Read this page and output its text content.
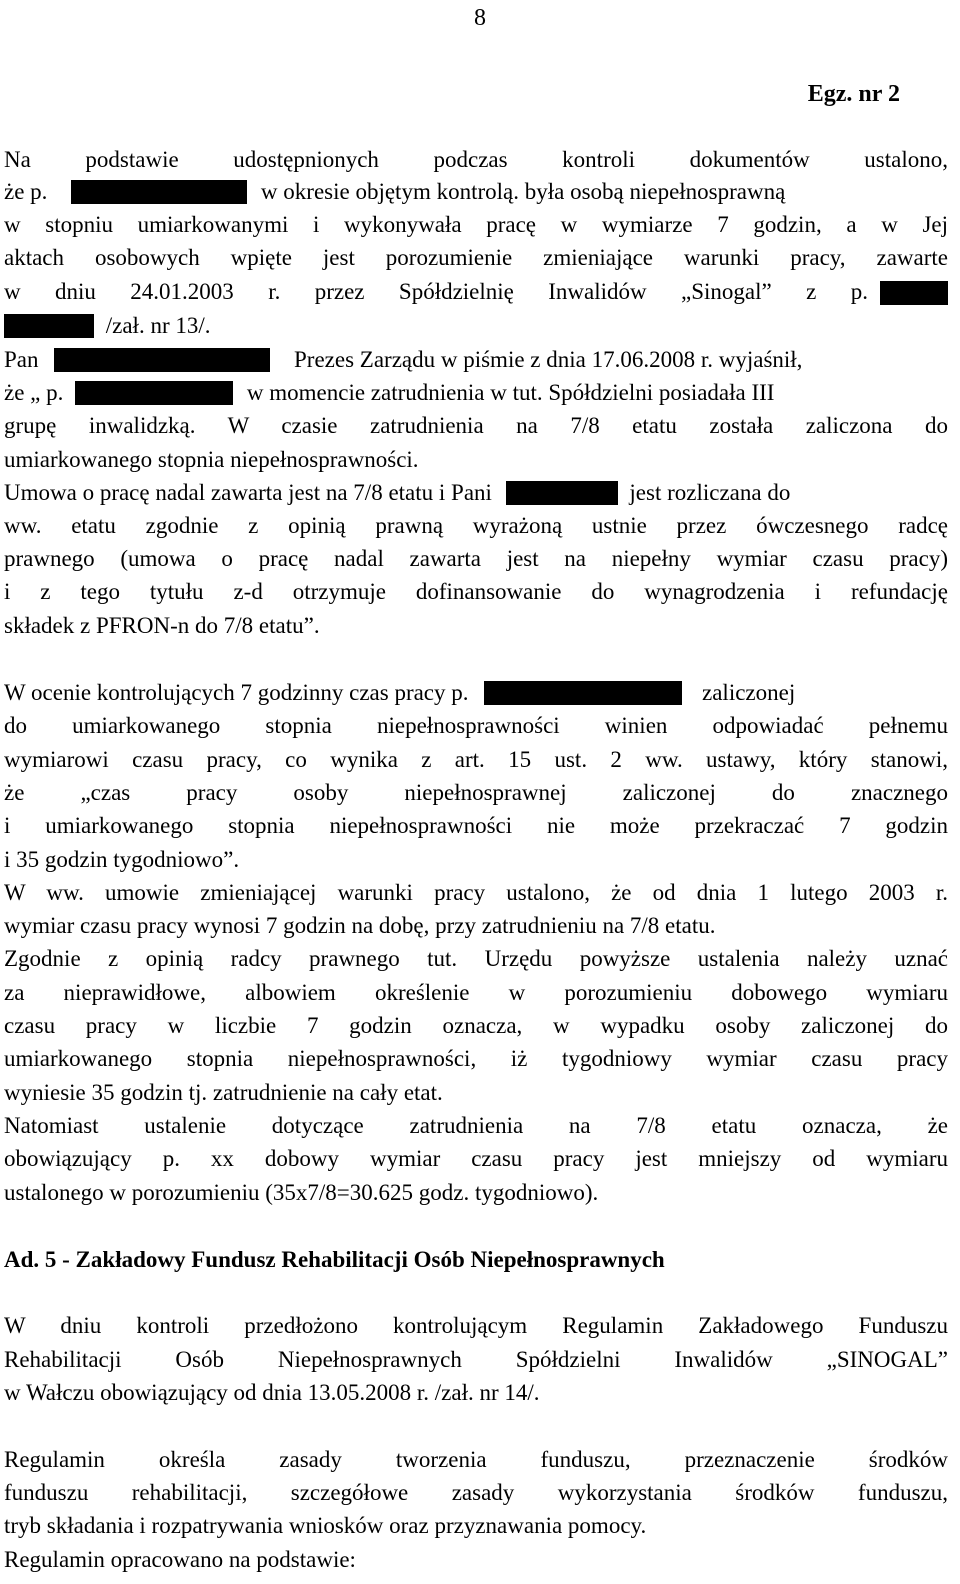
8
Egz. nr 2
Na podstawie udostępnionych podczas kontroli dokumentów ustalono,
że p.	w okresie objętym kontrolą. była osobą niepełnosprawną
w stopniu umiarkowanymi i wykonywała pracę w wymiarze 7 godzin, a w Jej
aktach osobowych wpięte jest porozumienie zmieniające warunki pracy, zawarte
w dniu 24.01.2003 r. przez Spółdzielnię Inwalidów „Sinogal” z p.
/zał. nr 13/.
Pan	Prezes Zarządu w piśmie z dnia 17.06.2008 r. wyjaśnił,
że „ p.	w momencie zatrudnienia w tut. Spółdzielni posiadała III
grupę inwalidzką. W czasie zatrudnienia na 7/8 etatu została zaliczona do
umiarkowanego stopnia niepełnosprawności.
Umowa o pracę nadal zawarta jest na 7/8 etatu i Pani	jest rozliczana do
ww. etatu zgodnie z opinią prawną wyrażoną ustnie przez ówczesnego radcę
prawnego (umowa o pracę nadal zawarta jest na niepełny wymiar czasu pracy)
i z tego tytułu z-d otrzymuje dofinansowanie do wynagrodzenia i refundację
składek z PFRON-n do 7/8 etatu”.
W ocenie kontrolujących 7 godzinny czas pracy p.	zaliczonej
do umiarkowanego stopnia niepełnosprawności winien odpowiadać pełnemu
wymiarowi czasu pracy, co wynika z art. 15 ust. 2 ww. ustawy, który stanowi,
że „czas pracy osoby niepełnosprawnej zaliczonej do znacznego
i umiarkowanego stopnia niepełnosprawności nie może przekraczać 7 godzin
i 35 godzin tygodniowo”.
W ww. umowie zmieniającej warunki pracy ustalono, że od dnia 1 lutego 2003 r.
wymiar czasu pracy wynosi 7 godzin na dobę, przy zatrudnieniu na 7/8 etatu.
Zgodnie z opinią radcy prawnego tut. Urzędu powyższe ustalenia należy uznać
za nieprawidłowe, albowiem określenie w porozumieniu dobowego wymiaru
czasu pracy w liczbie 7 godzin oznacza, w wypadku osoby zaliczonej do
umiarkowanego stopnia niepełnosprawności, iż tygodniowy wymiar czasu pracy
wyniesie 35 godzin tj. zatrudnienie na cały etat.
Natomiast ustalenie dotyczące zatrudnienia na 7/8 etatu oznacza, że
obowiązujący p. xx dobowy wymiar czasu pracy jest mniejszy od wymiaru
ustalonego w porozumieniu (35x7/8=30.625 godz. tygodniowo).
Ad. 5 - Zakładowy Fundusz Rehabilitacji Osób Niepełnosprawnych
W dniu kontroli przedłożono kontrolującym Regulamin Zakładowego Funduszu
Rehabilitacji Osób Niepełnosprawnych Spółdzielni Inwalidów „SINOGAL”
w Wałczu obowiązujący od dnia 13.05.2008 r. /zał. nr 14/.
Regulamin określa zasady tworzenia funduszu, przeznaczenie środków
funduszu rehabilitacji, szczegółowe zasady wykorzystania środków funduszu,
tryb składania i rozpatrywania wniosków oraz przyznawania pomocy.
Regulamin opracowano na podstawie:
